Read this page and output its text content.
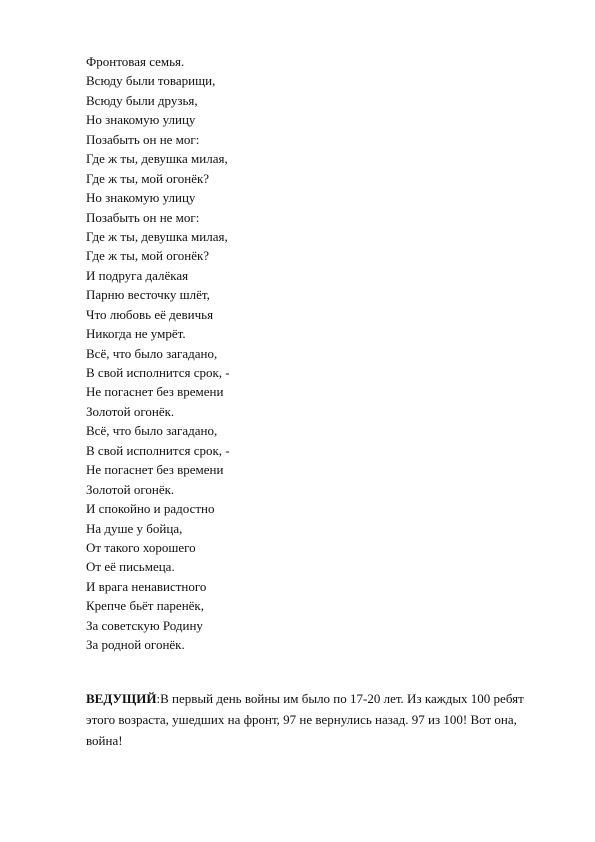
Фронтовая семья.
Всюду были товарищи,
Всюду были друзья,
Но знакомую улицу
Позабыть он не мог:
Где ж ты, девушка милая,
Где ж ты, мой огонёк?
Но знакомую улицу
Позабыть он не мог:
Где ж ты, девушка милая,
Где ж ты, мой огонёк?
И подруга далёкая
Парню весточку шлёт,
Что любовь её девичья
Никогда не умрёт.
Всё, что было загадано,
В свой исполнится срок, -
Не погаснет без времени
Золотой огонёк.
Всё, что было загадано,
В свой исполнится срок, -
Не погаснет без времени
Золотой огонёк.
И спокойно и радостно
На душе у бойца,
От такого хорошего
От её письмеца.
И врага ненавистного
Крепче бьёт паренёк,
За советскую Родину
За родной огонёк.

ВЕДУЩИЙ:В первый день войны им было по 17-20 лет. Из каждых 100 ребят этого возраста, ушедших на фронт, 97 не вернулись назад. 97 из 100! Вот она, война!
